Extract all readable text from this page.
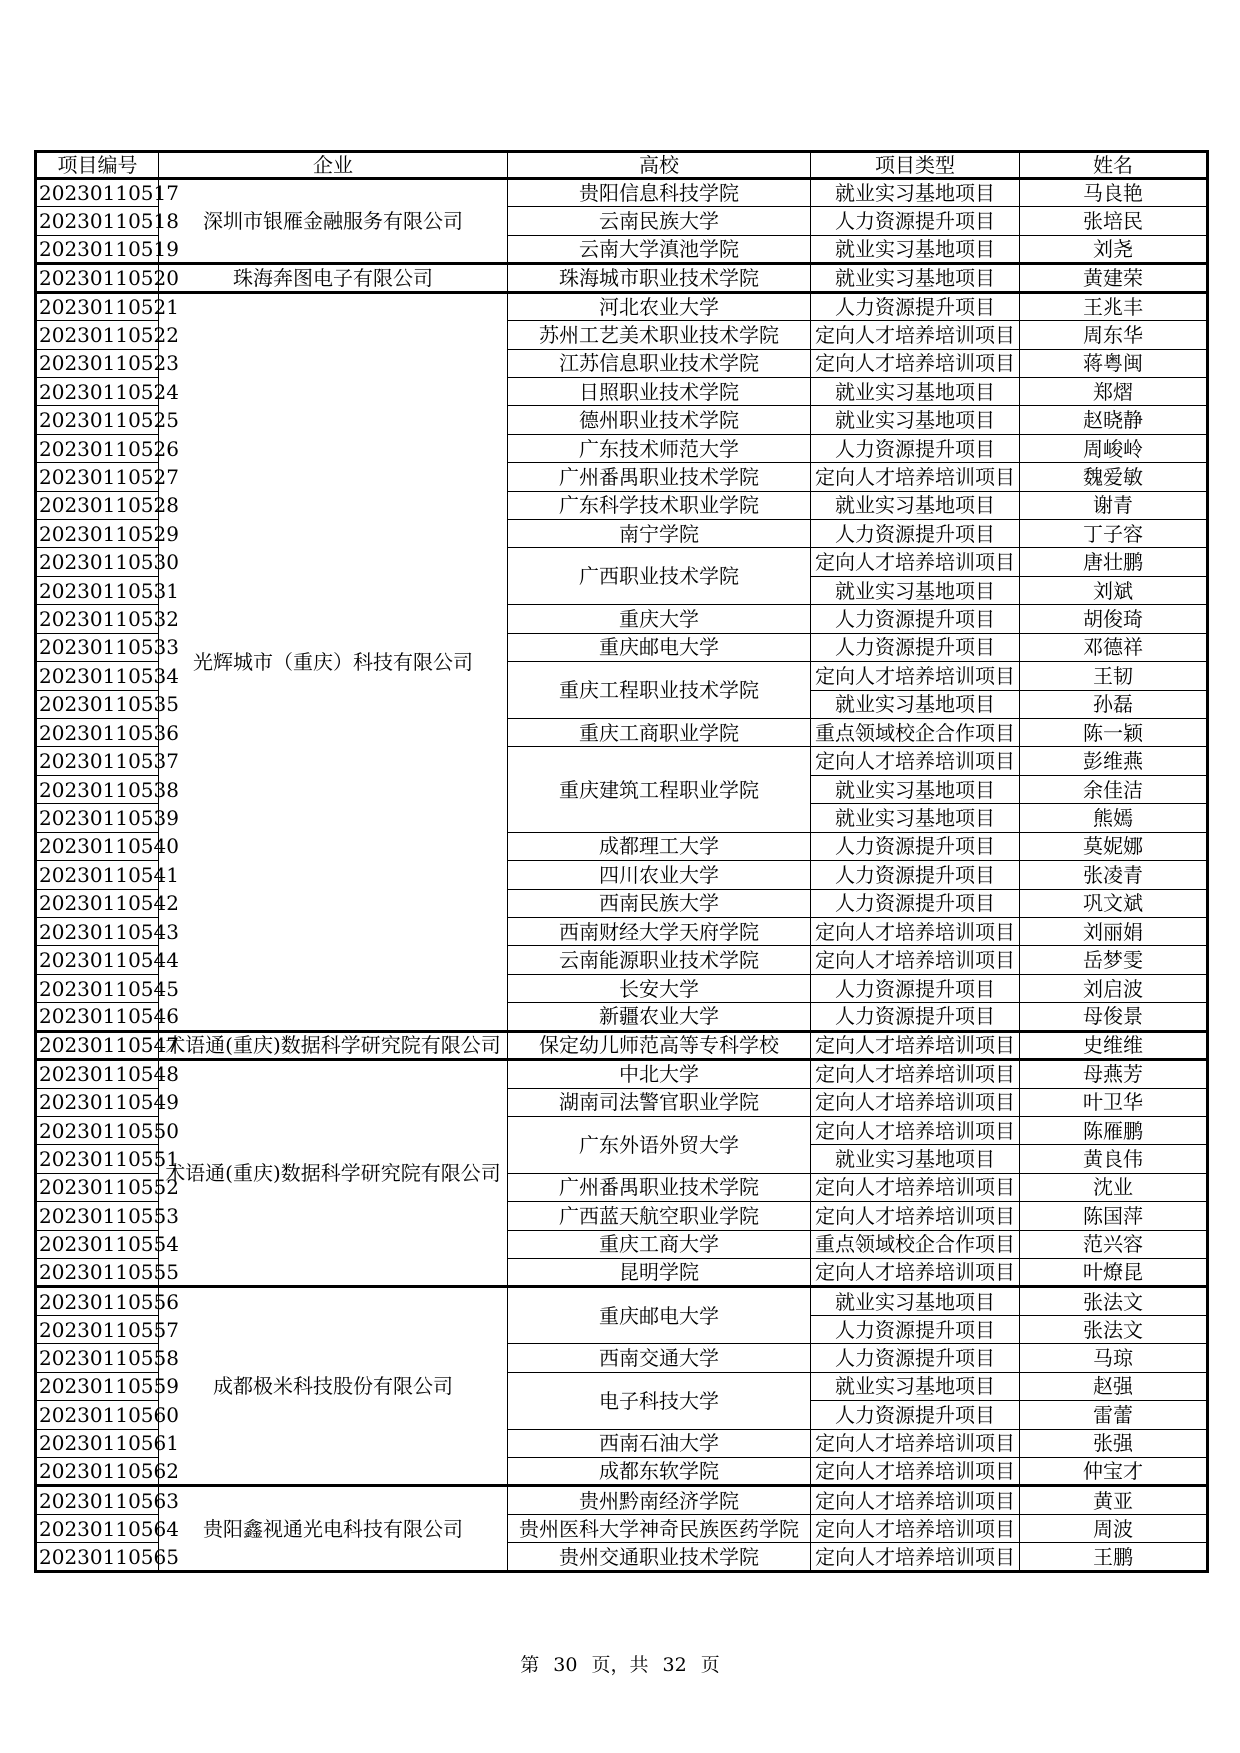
项目编号	企业	高校	项目类型	姓名
20230110517	深圳市银雁金融服务有限公司	贵阳信息科技学院	就业实习基地项目	马良艳
20230110518		云南民族大学	人力资源提升项目	张培民
20230110519		云南大学滇池学院	就业实习基地项目	刘尧
20230110520	珠海奔图电子有限公司	珠海城市职业技术学院	就业实习基地项目	黄建荣
20230110521	光辉城市（重庆）科技有限公司	河北农业大学	人力资源提升项目	王兆丰
20230110522		苏州工艺美术职业技术学院	定向人才培养培训项目	周东华
20230110523		江苏信息职业技术学院	定向人才培养培训项目	蒋粤闽
20230110524		日照职业技术学院	就业实习基地项目	郑熠
20230110525		德州职业技术学院	就业实习基地项目	赵晓静
20230110526		广东技术师范大学	人力资源提升项目	周峻岭
20230110527		广州番禺职业技术学院	定向人才培养培训项目	魏爱敏
20230110528		广东科学技术职业学院	就业实习基地项目	谢青
20230110529		南宁学院	人力资源提升项目	丁子容
20230110530		广西职业技术学院	定向人才培养培训项目	唐壮鹏
20230110531			就业实习基地项目	刘斌
20230110532		重庆大学	人力资源提升项目	胡俊琦
20230110533		重庆邮电大学	人力资源提升项目	邓德祥
20230110534		重庆工程职业技术学院	定向人才培养培训项目	王韧
20230110535			就业实习基地项目	孙磊
20230110536		重庆工商职业学院	重点领域校企合作项目	陈一颖
20230110537		重庆建筑工程职业学院	定向人才培养培训项目	彭维燕
20230110538			就业实习基地项目	余佳洁
20230110539			就业实习基地项目	熊嫣
20230110540		成都理工大学	人力资源提升项目	莫妮娜
20230110541		四川农业大学	人力资源提升项目	张凌青
20230110542		西南民族大学	人力资源提升项目	巩文斌
20230110543		西南财经大学天府学院	定向人才培养培训项目	刘丽娟
20230110544		云南能源职业技术学院	定向人才培养培训项目	岳梦雯
20230110545		长安大学	人力资源提升项目	刘启波
20230110546		新疆农业大学	人力资源提升项目	母俊景
20230110547	术语通(重庆)数据科学研究院有限公司	保定幼儿师范高等专科学校	定向人才培养培训项目	史维维
20230110548	术语通(重庆)数据科学研究院有限公司	中北大学	定向人才培养培训项目	母燕芳
20230110549		湖南司法警官职业学院	定向人才培养培训项目	叶卫华
20230110550		广东外语外贸大学	定向人才培养培训项目	陈雁鹏
20230110551			就业实习基地项目	黄良伟
20230110552		广州番禺职业技术学院	定向人才培养培训项目	沈业
20230110553		广西蓝天航空职业学院	定向人才培养培训项目	陈国萍
20230110554		重庆工商大学	重点领域校企合作项目	范兴容
20230110555		昆明学院	定向人才培养培训项目	叶燎昆
20230110556	成都极米科技股份有限公司	重庆邮电大学	就业实习基地项目	张法文
20230110557			人力资源提升项目	张法文
20230110558		西南交通大学	人力资源提升项目	马琼
20230110559		电子科技大学	就业实习基地项目	赵强
20230110560			人力资源提升项目	雷蕾
20230110561		西南石油大学	定向人才培养培训项目	张强
20230110562		成都东软学院	定向人才培养培训项目	仲宝才
20230110563	贵阳鑫视通光电科技有限公司	贵州黔南经济学院	定向人才培养培训项目	黄亚
20230110564		贵州医科大学神奇民族医药学院	定向人才培养培训项目	周波
20230110565		贵州交通职业技术学院	定向人才培养培训项目	王鹏
第 30 页，共 32 页
